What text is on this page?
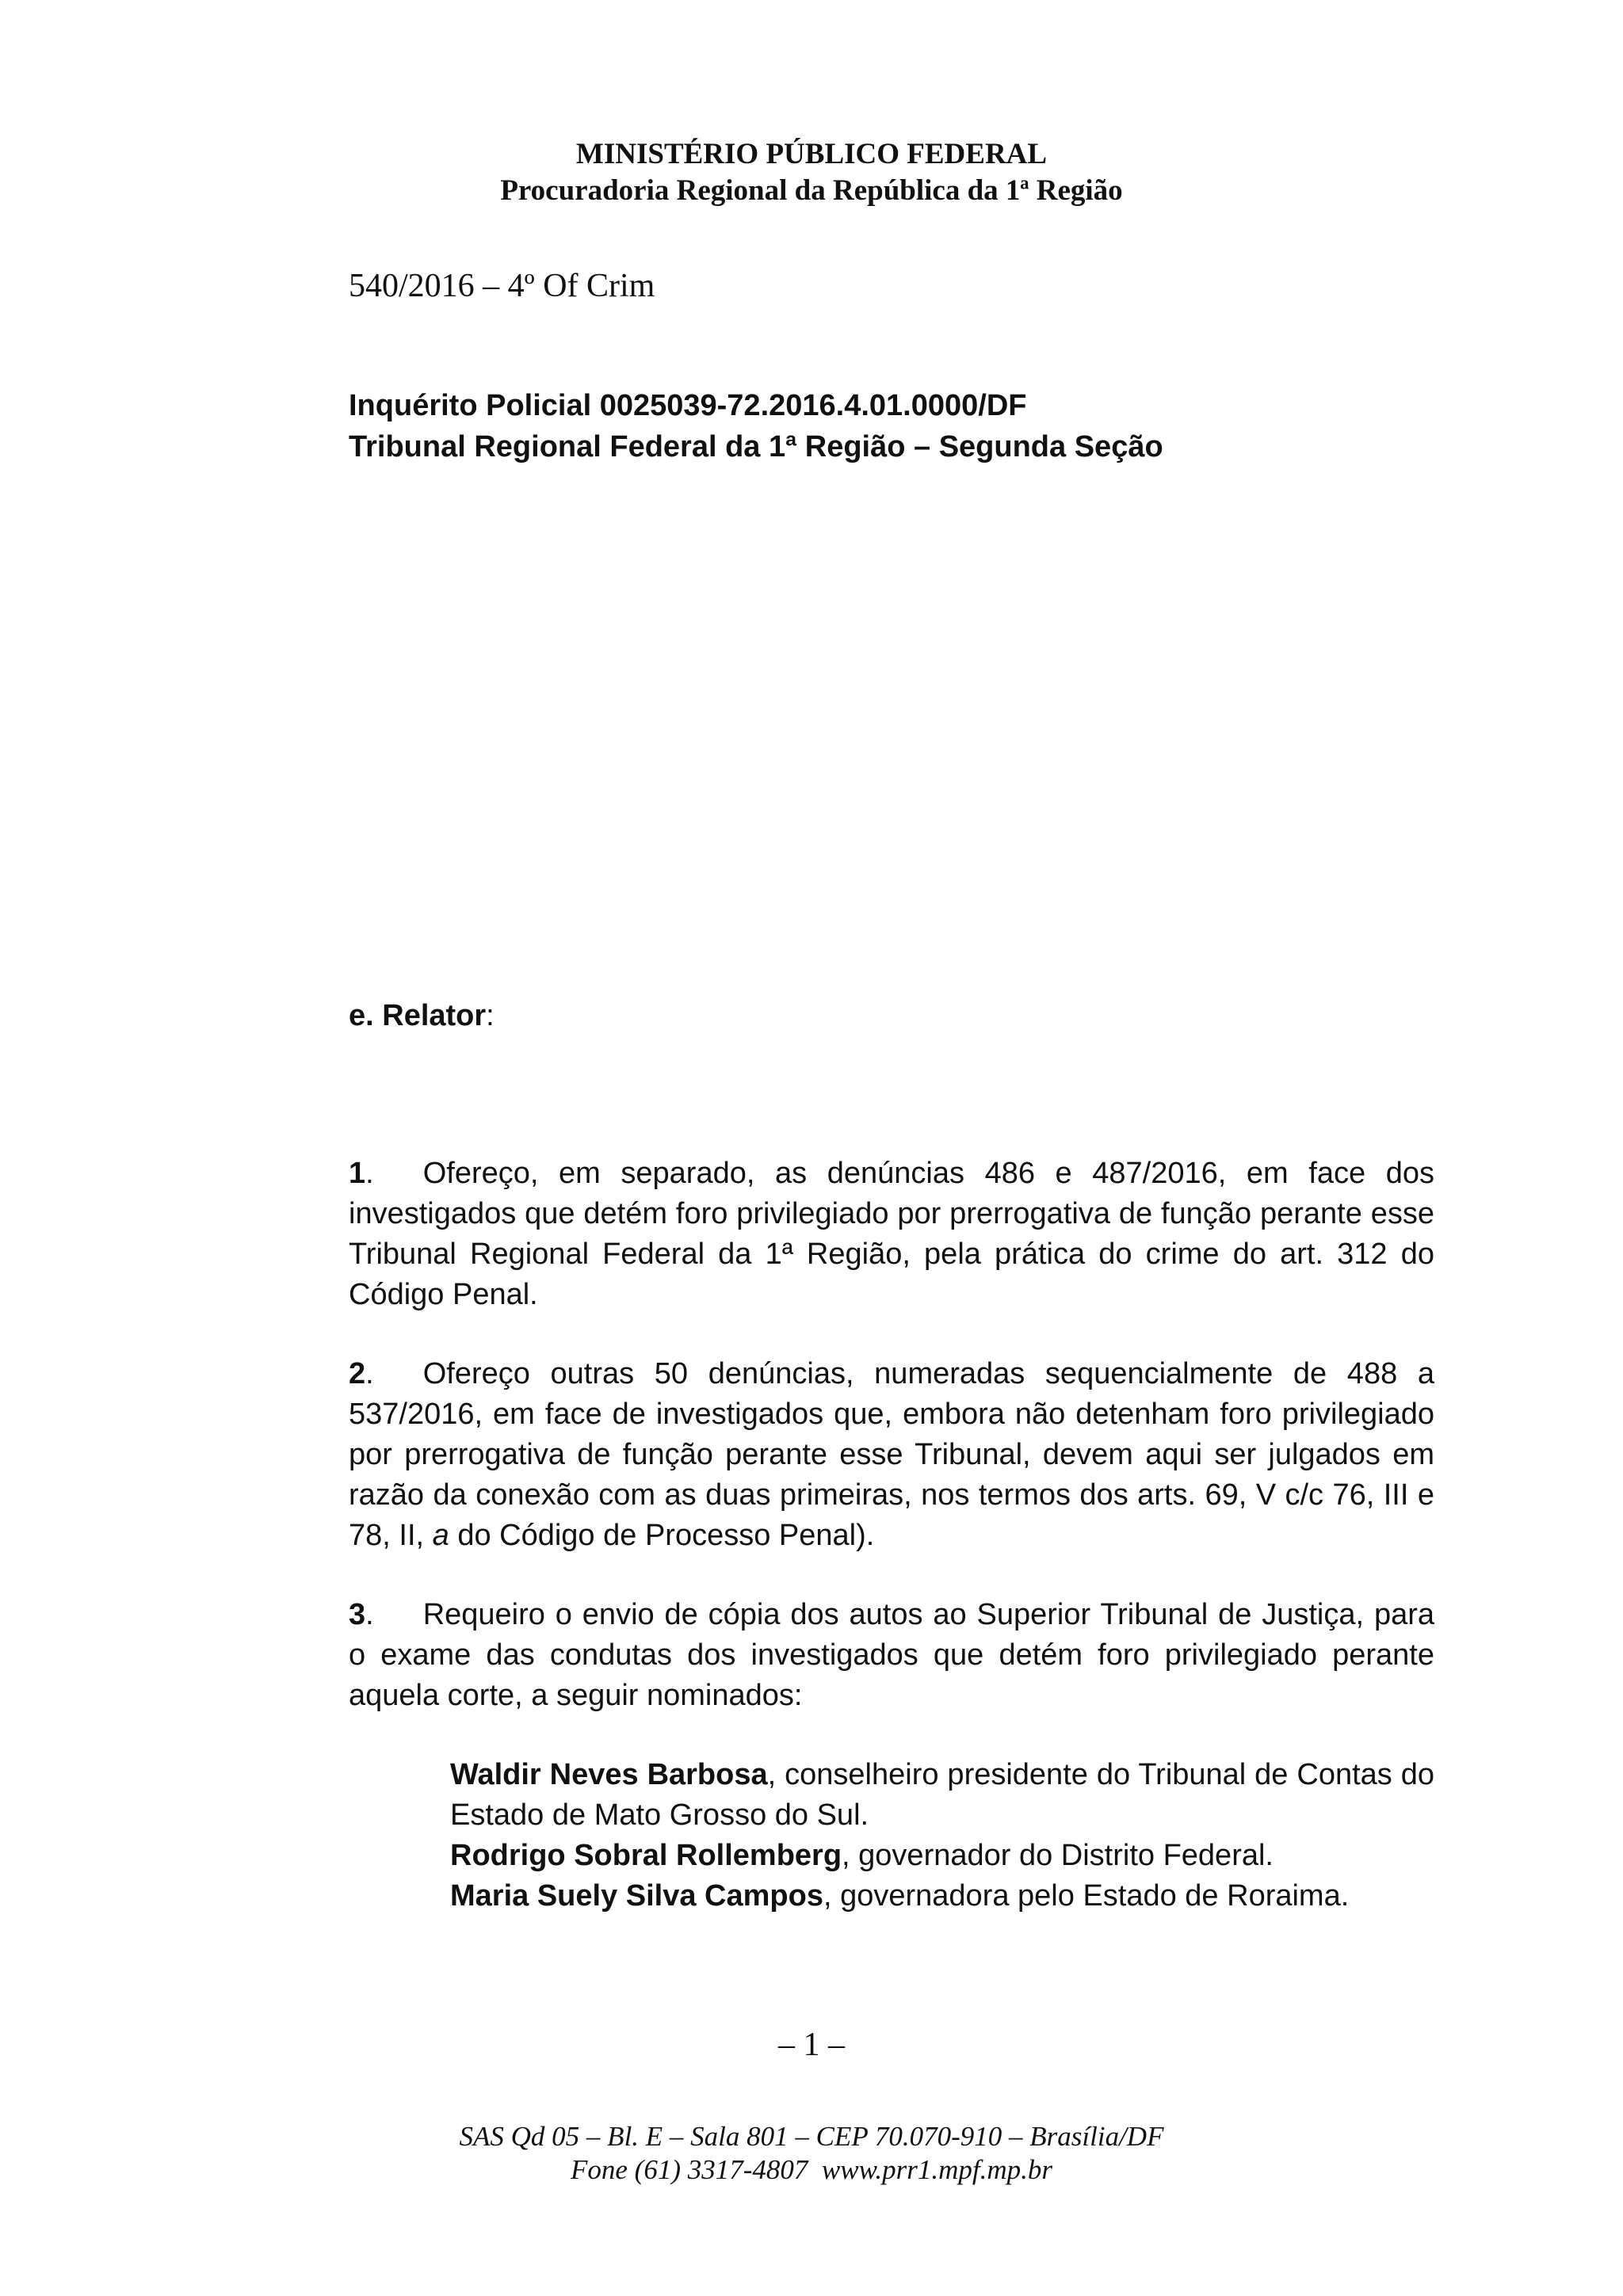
MINISTÉRIO PÚBLICO FEDERAL
Procuradoria Regional da República da 1ª Região
540/2016 – 4º Of Crim
Inquérito Policial 0025039-72.2016.4.01.0000/DF
Tribunal Regional Federal da 1ª Região – Segunda Seção
e. Relator:
1. Ofereço, em separado, as denúncias 486 e 487/2016, em face dos investigados que detém foro privilegiado por prerrogativa de função perante esse Tribunal Regional Federal da 1ª Região, pela prática do crime do art. 312 do Código Penal.
2. Ofereço outras 50 denúncias, numeradas sequencialmente de 488 a 537/2016, em face de investigados que, embora não detenham foro privilegiado por prerrogativa de função perante esse Tribunal, devem aqui ser julgados em razão da conexão com as duas primeiras, nos termos dos arts. 69, V c/c 76, III e 78, II, a do Código de Processo Penal).
3. Requeiro o envio de cópia dos autos ao Superior Tribunal de Justiça, para o exame das condutas dos investigados que detém foro privilegiado perante aquela corte, a seguir nominados:
Waldir Neves Barbosa, conselheiro presidente do Tribunal de Contas do Estado de Mato Grosso do Sul.
Rodrigo Sobral Rollemberg, governador do Distrito Federal.
Maria Suely Silva Campos, governadora pelo Estado de Roraima.
– 1 –
SAS Qd 05 – Bl. E – Sala 801 – CEP 70.070-910 – Brasília/DF
Fone (61) 3317-4807  www.prr1.mpf.mp.br
